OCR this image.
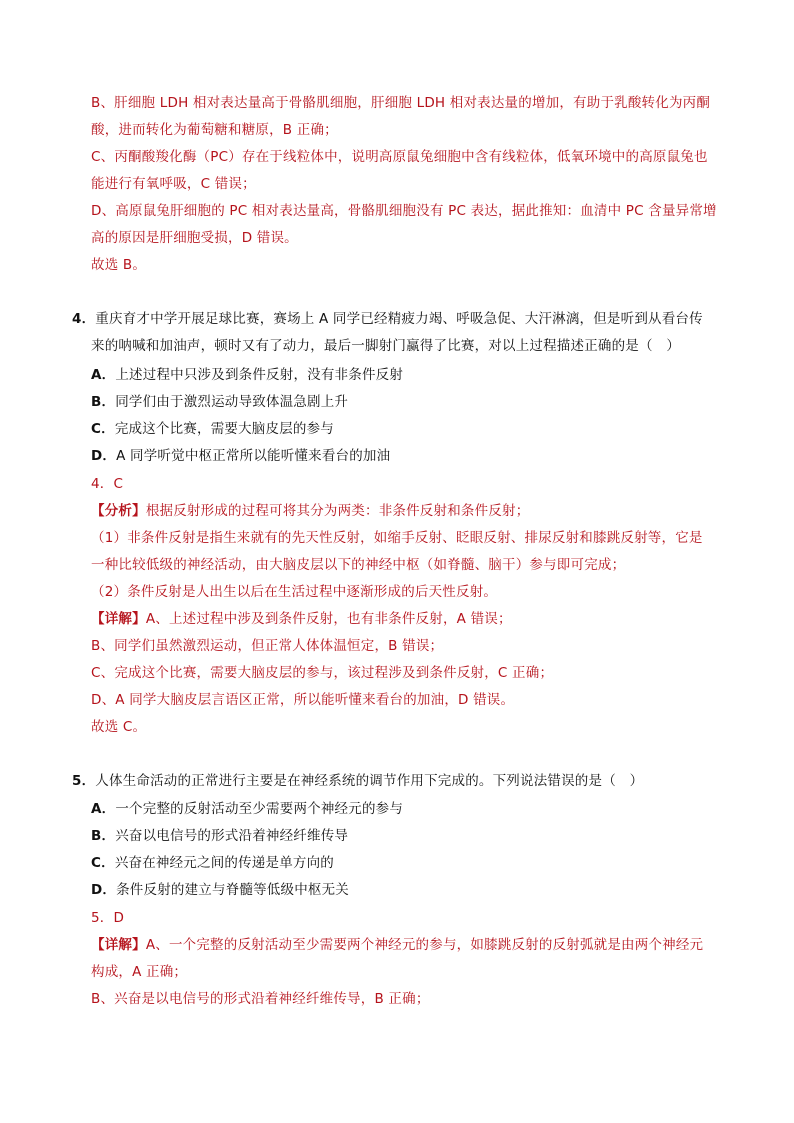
B、肝细胞 LDH 相对表达量高于骨骼肌细胞，肝细胞 LDH 相对表达量的增加，有助于乳酸转化为丙酮
酸，进而转化为葡萄糖和糖原，B 正确；
C、丙酮酸羧化酶（PC）存在于线粒体中，说明高原鼠兔细胞中含有线粒体，低氧环境中的高原鼠兔也
能进行有氧呼吸，C 错误；
D、高原鼠兔肝细胞的 PC 相对表达量高，骨骼肌细胞没有 PC 表达，据此推知：血清中 PC 含量异常增
高的原因是肝细胞受损，D 错误。
故选 B。
4．重庆育才中学开展足球比赛，赛场上 A 同学已经精疲力竭、呼吸急促、大汗淋漓，但是听到从看台传
来的呐喊和加油声，顿时又有了动力，最后一脚射门赢得了比赛，对以上过程描述正确的是（　）
A．上述过程中只涉及到条件反射，没有非条件反射
B．同学们由于激烈运动导致体温急剧上升
C．完成这个比赛，需要大脑皮层的参与
D．A 同学听觉中枢正常所以能听懂来看台的加油
4．C
【分析】根据反射形成的过程可将其分为两类：非条件反射和条件反射；
（1）非条件反射是指生来就有的先天性反射，如缩手反射、眨眼反射、排尿反射和膝跳反射等，它是
一种比较低级的神经活动，由大脑皮层以下的神经中枢（如脊髓、脑干）参与即可完成；
（2）条件反射是人出生以后在生活过程中逐渐形成的后天性反射。
【详解】A、上述过程中涉及到条件反射，也有非条件反射，A 错误；
B、同学们虽然激烈运动，但正常人体体温恒定，B 错误；
C、完成这个比赛，需要大脑皮层的参与，该过程涉及到条件反射，C 正确；
D、A 同学大脑皮层言语区正常，所以能听懂来看台的加油，D 错误。
故选 C。
5．人体生命活动的正常进行主要是在神经系统的调节作用下完成的。下列说法错误的是（　）
A．一个完整的反射活动至少需要两个神经元的参与
B．兴奋以电信号的形式沿着神经纤维传导
C．兴奋在神经元之间的传递是单方向的
D．条件反射的建立与脊髓等低级中枢无关
5．D
【详解】A、一个完整的反射活动至少需要两个神经元的参与，如膝跳反射的反射弧就是由两个神经元
构成，A 正确；
B、兴奋是以电信号的形式沿着神经纤维传导，B 正确；
